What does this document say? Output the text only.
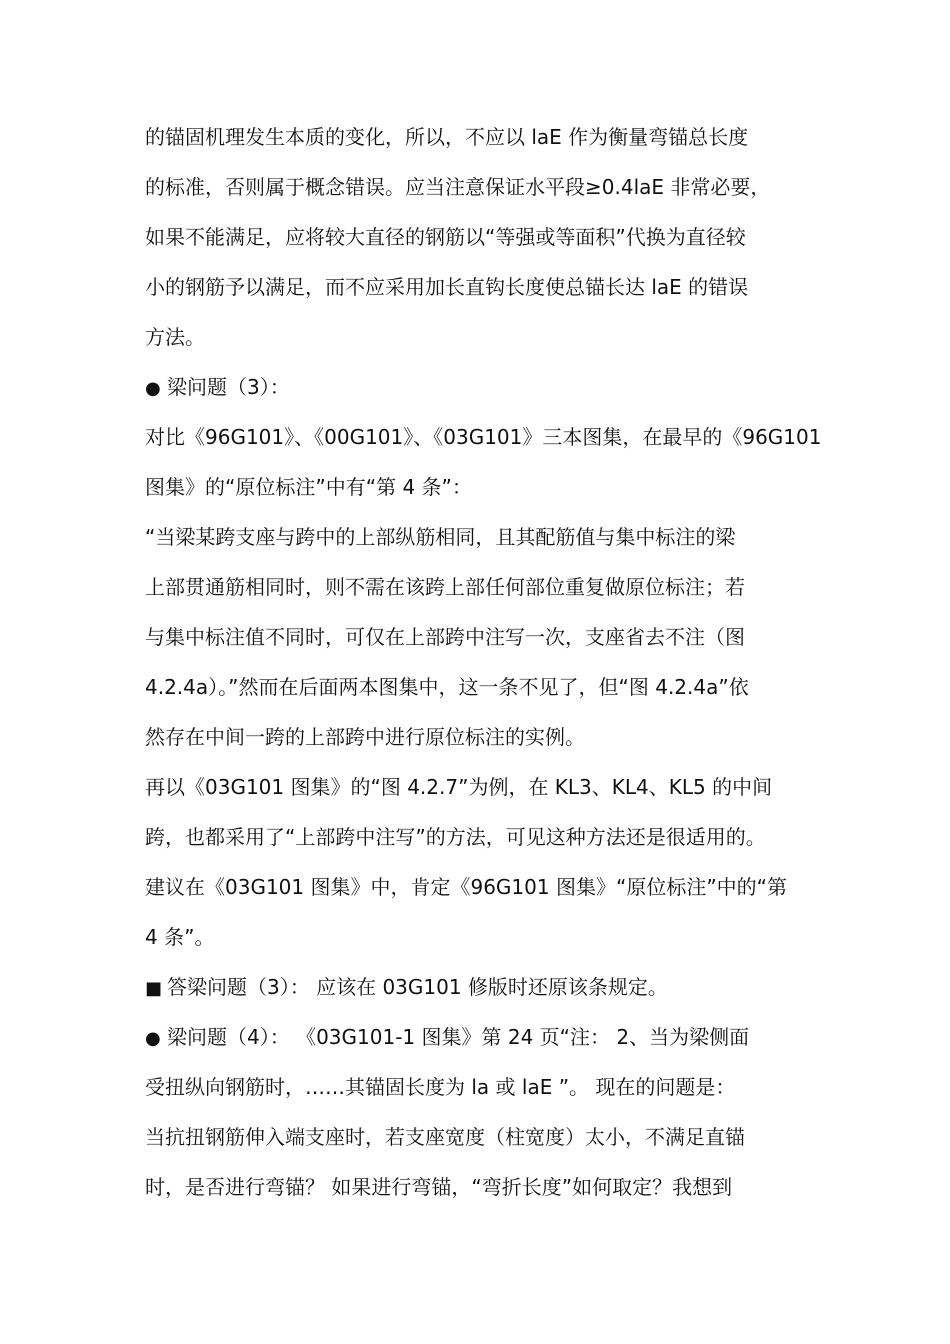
的锚固机理发生本质的变化，所以，不应以 laE 作为衡量弯锚总长度
的标准，否则属于概念错误。应当注意保证水平段≥0.4laE 非常必要，
如果不能满足，应将较大直径的钢筋以“等强或等面积”代换为直径较
小的钢筋予以满足，而不应采用加长直钩长度使总锚长达 laE 的错误
方法。
● 梁问题（3）：
对比《96G101》、《00G101》、《03G101》三本图集，在最早的《96G101
图集》的“原位标注”中有“第 4 条”：
“当梁某跨支座与跨中的上部纵筋相同，且其配筋值与集中标注的梁
上部贯通筋相同时，则不需在该跨上部任何部位重复做原位标注；若
与集中标注值不同时，可仅在上部跨中注写一次，支座省去不注（图
4.2.4a）。”然而在后面两本图集中，这一条不见了，但“图 4.2.4a”依
然存在中间一跨的上部跨中进行原位标注的实例。
再以《03G101 图集》的“图 4.2.7”为例，在 KL3、KL4、KL5 的中间
跨，也都采用了“上部跨中注写”的方法，可见这种方法还是很适用的。
建议在《03G101 图集》中，肯定《96G101 图集》“原位标注”中的“第
4 条”。
■ 答梁问题（3）： 应该在 03G101 修版时还原该条规定。
● 梁问题（4）： 《03G101-1 图集》第 24 页“注： 2、当为梁侧面
受扭纵向钢筋时，……其锚固长度为 la 或 laE ”。 现在的问题是：
当抗扭钢筋伸入端支座时，若支座宽度（柱宽度）太小，不满足直锚
时，是否进行弯锚？ 如果进行弯锚，“弯折长度”如何取定？我想到
